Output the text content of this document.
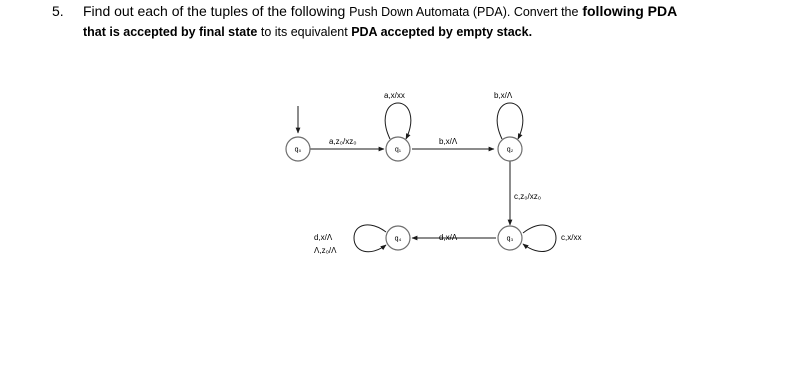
5. Find out each of the tuples of the following Push Down Automata (PDA). Convert the following PDA
that is accepted by final state to its equivalent PDA accepted by empty stack.
a,z₀/xz₀	b,x/Λ
a,x/xx	b,x/Λ
c,z₀/xz₀
c,x/xx
d,x/Λ
d,x/Λ
Λ,z₀/Λ
q₀	q₁	q₂
q₃
q₄
